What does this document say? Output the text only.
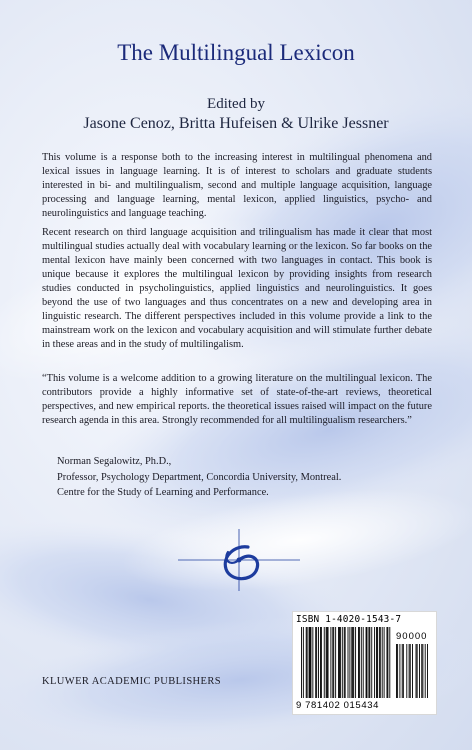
The Multilingual Lexicon
Edited by
Jasone Cenoz, Britta Hufeisen & Ulrike Jessner

This volume is a response both to the increasing interest in multilingual phenomena and lexical issues in language learning. It is of interest to scholars and graduate students interested in bi- and multilingualism, second and multiple language acquisition, language processing and language learning, mental lexicon, applied linguistics, psycho- and neurolinguistics and language teaching.

Recent research on third language acquisition and trilingualism has made it clear that most multilingual studies actually deal with vocabulary learning or the lexicon. So far books on the mental lexicon have mainly been concerned with two languages in contact. This book is unique because it explores the multilingual lexicon by providing insights from research studies conducted in psycholinguistics, applied linguistics and neurolinguistics. It goes beyond the use of two languages and thus concentrates on a new and developing area in linguistic research. The different perspectives included in this volume provide a link to the mainstream work on the lexicon and vocabulary acquisition and will stimulate further debate in these areas and in the study of multilingalism.

“This volume is a welcome addition to a growing literature on the multilingual lexicon. The contributors provide a highly informative set of state-of-the-art reviews, theoretical perspectives, and new empirical reports. the theoretical issues raised will impact on the future research agenda in this area. Strongly recommended for all multilingualism researchers.”

Norman Segalowitz, Ph.D.,
Professor, Psychology Department, Concordia University, Montreal.
Centre for the Study of Learning and Performance.
KLUWER ACADEMIC PUBLISHERS
ISBN 1-4020-1543-7
90000
9 781402 015434
